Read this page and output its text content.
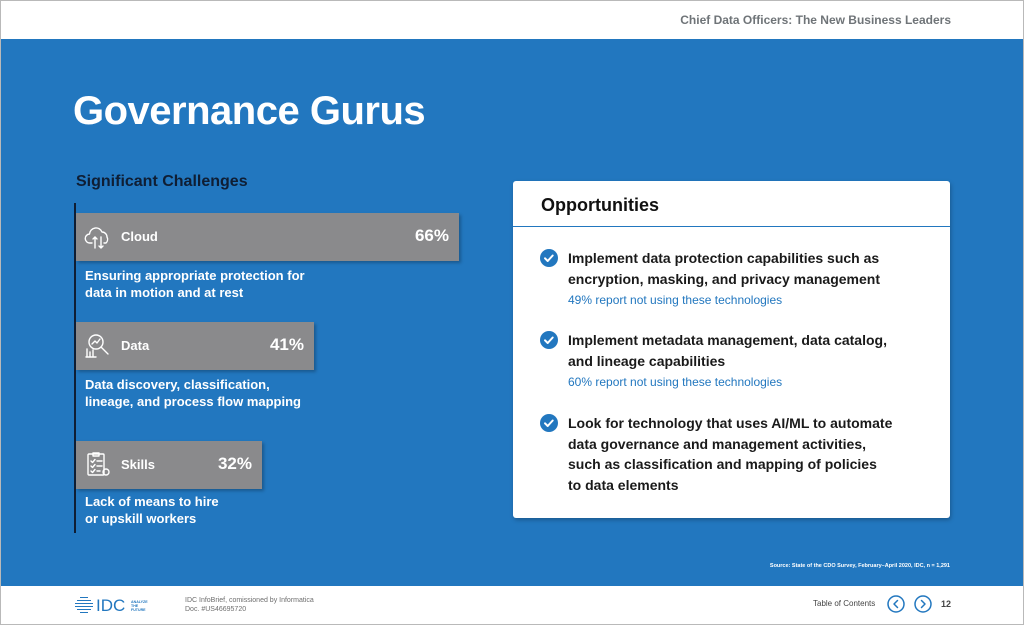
Chief Data Officers: The New Business Leaders
Governance Gurus
Significant Challenges
Cloud	66%
Ensuring appropriate protection for
data in motion and at rest
Data	41%
Data discovery, classification,
lineage, and process flow mapping
Skills	32%
Lack of means to hire
or upskill workers
Opportunities
Implement data protection capabilities such as
encryption, masking, and privacy management
49% report not using these technologies
Implement metadata management, data catalog,
and lineage capabilities
60% report not using these technologies
Look for technology that uses AI/ML to automate
data governance and management activities,
such as classification and mapping of policies
to data elements
Source: State of the CDO Survey, February–April 2020, IDC, n = 1,291
IDC ANALYZE
THE
FUTURE
IDC InfoBrief, comissioned by Informatica
Doc. #US46695720
Table of Contents	12
